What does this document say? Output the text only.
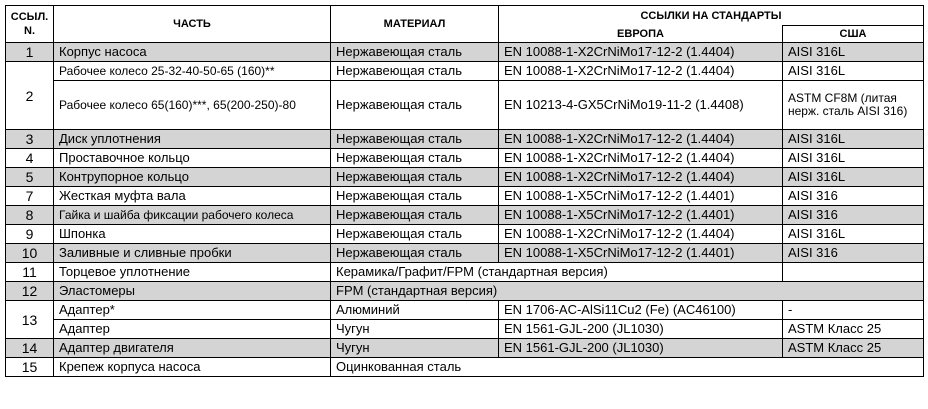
ССЫЛ.
N.	ЧАСТЬ	МАТЕРИАЛ	ССЫЛКИ НА СТАНДАРТЫ	
			ЕВРОПА	США
1	Корпус насоса	Нержавеющая сталь	EN 10088-1-X2CrNiMo17-12-2 (1.4404)	AISI 316L
2	Рабочее колесо 25-32-40-50-65 (160)**	Нержавеющая сталь	EN 10088-1-X2CrNiMo17-12-2 (1.4404)	AISI 316L
	Рабочее колесо 65(160)***, 65(200-250)-80	Нержавеющая сталь	EN 10213-4-GX5CrNiMo19-11-2 (1.4408)	ASTM CF8M (литая нерж. сталь AISI 316)
3	Диск уплотнения	Нержавеющая сталь	EN 10088-1-X2CrNiMo17-12-2 (1.4404)	AISI 316L
4	Проставочное кольцо	Нержавеющая сталь	EN 10088-1-X2CrNiMo17-12-2 (1.4404)	AISI 316L
5	Контрупорное кольцо	Нержавеющая сталь	EN 10088-1-X2CrNiMo17-12-2 (1.4404)	AISI 316L
7	Жесткая муфта вала	Нержавеющая сталь	EN 10088-1-X5CrNiMo17-12-2 (1.4401)	AISI 316
8	Гайка и шайба фиксации рабочего колеса	Нержавеющая сталь	EN 10088-1-X5CrNiMo17-12-2 (1.4401)	AISI 316
9	Шпонка	Нержавеющая сталь	EN 10088-1-X2CrNiMo17-12-2 (1.4404)	AISI 316L
10	Заливные и сливные пробки	Нержавеющая сталь	EN 10088-1-X5CrNiMo17-12-2 (1.4401)	AISI 316
11	Торцевое уплотнение	Керамика/Графит/FPM (стандартная версия)		
12	Эластомеры	FPM (стандартная версия)		
13	Адаптер*	Алюминий	EN 1706-AC-AlSi11Cu2 (Fe) (AC46100)	-
	Адаптер	Чугун	EN 1561-GJL-200 (JL1030)	ASTM Класс 25
14	Адаптер двигателя	Чугун	EN 1561-GJL-200 (JL1030)	ASTM Класс 25
15	Крепеж корпуса насоса	Оцинкованная сталь		
